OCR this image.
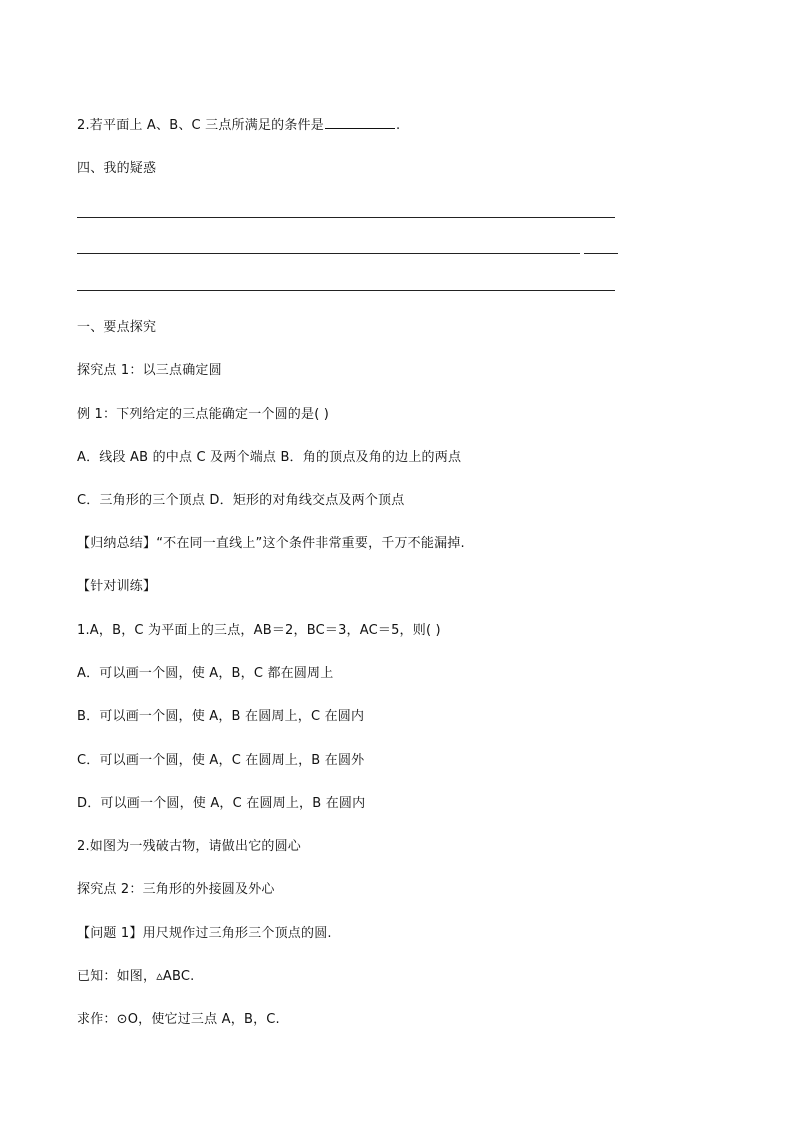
2.若平面上 A、B、C 三点所满足的条件是	.
四、我的疑惑
一、要点探究
探究点 1：以三点确定圆
例 1：下列给定的三点能确定一个圆的是( )
A．线段 AB 的中点 C 及两个端点 B．角的顶点及角的边上的两点
C．三角形的三个顶点 D．矩形的对角线交点及两个顶点
【归纳总结】“不在同一直线上”这个条件非常重要，千万不能漏掉.
【针对训练】
1.A，B，C 为平面上的三点，AB＝2，BC＝3，AC＝5，则( )
A．可以画一个圆，使 A，B，C 都在圆周上
B．可以画一个圆，使 A，B 在圆周上，C 在圆内
C．可以画一个圆，使 A，C 在圆周上，B 在圆外
D．可以画一个圆，使 A，C 在圆周上，B 在圆内
2.如图为一残破古物，请做出它的圆心
探究点 2：三角形的外接圆及外心
【问题 1】用尺规作过三角形三个顶点的圆.
已知：如图，▵ABC.
求作：⊙O，使它过三点 A，B，C.
